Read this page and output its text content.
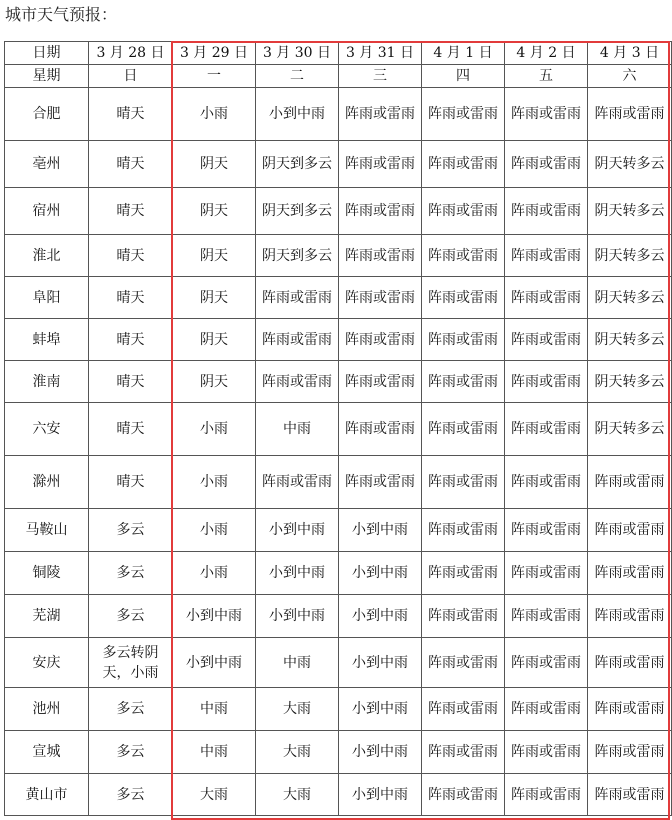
城市天气预报：
日期	3 月 28 日	3 月 29 日	3 月 30 日	3 月 31 日	4 月 1 日	4 月 2 日	4 月 3 日
星期	日	一	二	三	四	五	六
合肥	晴天	小雨	小到中雨	阵雨或雷雨	阵雨或雷雨	阵雨或雷雨	阵雨或雷雨
亳州	晴天	阴天	阴天到多云	阵雨或雷雨	阵雨或雷雨	阵雨或雷雨	阴天转多云
宿州	晴天	阴天	阴天到多云	阵雨或雷雨	阵雨或雷雨	阵雨或雷雨	阴天转多云
淮北	晴天	阴天	阴天到多云	阵雨或雷雨	阵雨或雷雨	阵雨或雷雨	阴天转多云
阜阳	晴天	阴天	阵雨或雷雨	阵雨或雷雨	阵雨或雷雨	阵雨或雷雨	阴天转多云
蚌埠	晴天	阴天	阵雨或雷雨	阵雨或雷雨	阵雨或雷雨	阵雨或雷雨	阴天转多云
淮南	晴天	阴天	阵雨或雷雨	阵雨或雷雨	阵雨或雷雨	阵雨或雷雨	阴天转多云
六安	晴天	小雨	中雨	阵雨或雷雨	阵雨或雷雨	阵雨或雷雨	阴天转多云
滁州	晴天	小雨	阵雨或雷雨	阵雨或雷雨	阵雨或雷雨	阵雨或雷雨	阵雨或雷雨
马鞍山	多云	小雨	小到中雨	小到中雨	阵雨或雷雨	阵雨或雷雨	阵雨或雷雨
铜陵	多云	小雨	小到中雨	小到中雨	阵雨或雷雨	阵雨或雷雨	阵雨或雷雨
芜湖	多云	小到中雨	小到中雨	小到中雨	阵雨或雷雨	阵雨或雷雨	阵雨或雷雨
安庆	多云转阴天，小雨	小到中雨	中雨	小到中雨	阵雨或雷雨	阵雨或雷雨	阵雨或雷雨
池州	多云	中雨	大雨	小到中雨	阵雨或雷雨	阵雨或雷雨	阵雨或雷雨
宣城	多云	中雨	大雨	小到中雨	阵雨或雷雨	阵雨或雷雨	阵雨或雷雨
黄山市	多云	大雨	大雨	小到中雨	阵雨或雷雨	阵雨或雷雨	阵雨或雷雨
